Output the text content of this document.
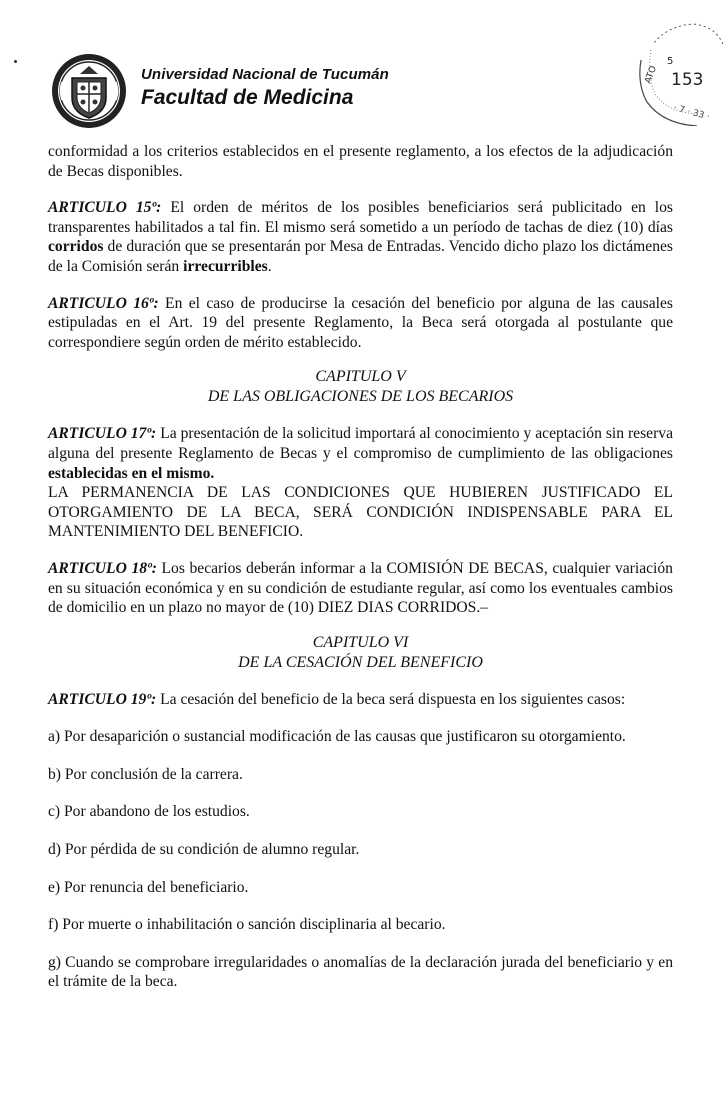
Universidad Nacional de Tucumán
Facultad de Medicina
ATO
· 7 · 33 ·
5
153

conformidad a los criterios establecidos en el presente reglamento, a los efectos de la adjudicación de Becas disponibles.

ARTICULO 15º: El orden de méritos de los posibles beneficiarios será publicitado en los transparentes habilitados a tal fin. El mismo será sometido a un período de tachas de diez (10) días corridos de duración que se presentarán por Mesa de Entradas. Vencido dicho plazo los dictámenes de la Comisión serán irrecurribles.

ARTICULO 16º: En el caso de producirse la cesación del beneficio por alguna de las causales estipuladas en el Art. 19 del presente Reglamento, la Beca será otorgada al postulante que correspondiere según orden de mérito establecido.

CAPITULO V
DE LAS OBLIGACIONES DE LOS BECARIOS

ARTICULO 17º: La presentación de la solicitud importará al conocimiento y aceptación sin reserva alguna del presente Reglamento de Becas y el compromiso de cumplimiento de las obligaciones establecidas en el mismo.

LA PERMANENCIA DE LAS CONDICIONES QUE HUBIEREN JUSTIFICADO EL OTORGAMIENTO DE LA BECA, SERÁ CONDICIÓN INDISPENSABLE PARA EL MANTENIMIENTO DEL BENEFICIO.

ARTICULO 18º: Los becarios deberán informar a la COMISIÓN DE BECAS, cualquier variación en su situación económica y en su condición de estudiante regular, así como los eventuales cambios de domicilio en un plazo no mayor de (10) DIEZ DIAS CORRIDOS.–

CAPITULO VI
DE LA CESACIÓN DEL BENEFICIO

ARTICULO 19º: La cesación del beneficio de la beca será dispuesta en los siguientes casos:

a) Por desaparición o sustancial modificación de las causas que justificaron su otorgamiento.

b) Por conclusión de la carrera.

c) Por abandono de los estudios.

d) Por pérdida de su condición de alumno regular.

e) Por renuncia del beneficiario.

f) Por muerte o inhabilitación o sanción disciplinaria al becario.

g) Cuando se comprobare irregularidades o anomalías de la declaración jurada del beneficiario y en el trámite de la beca.
